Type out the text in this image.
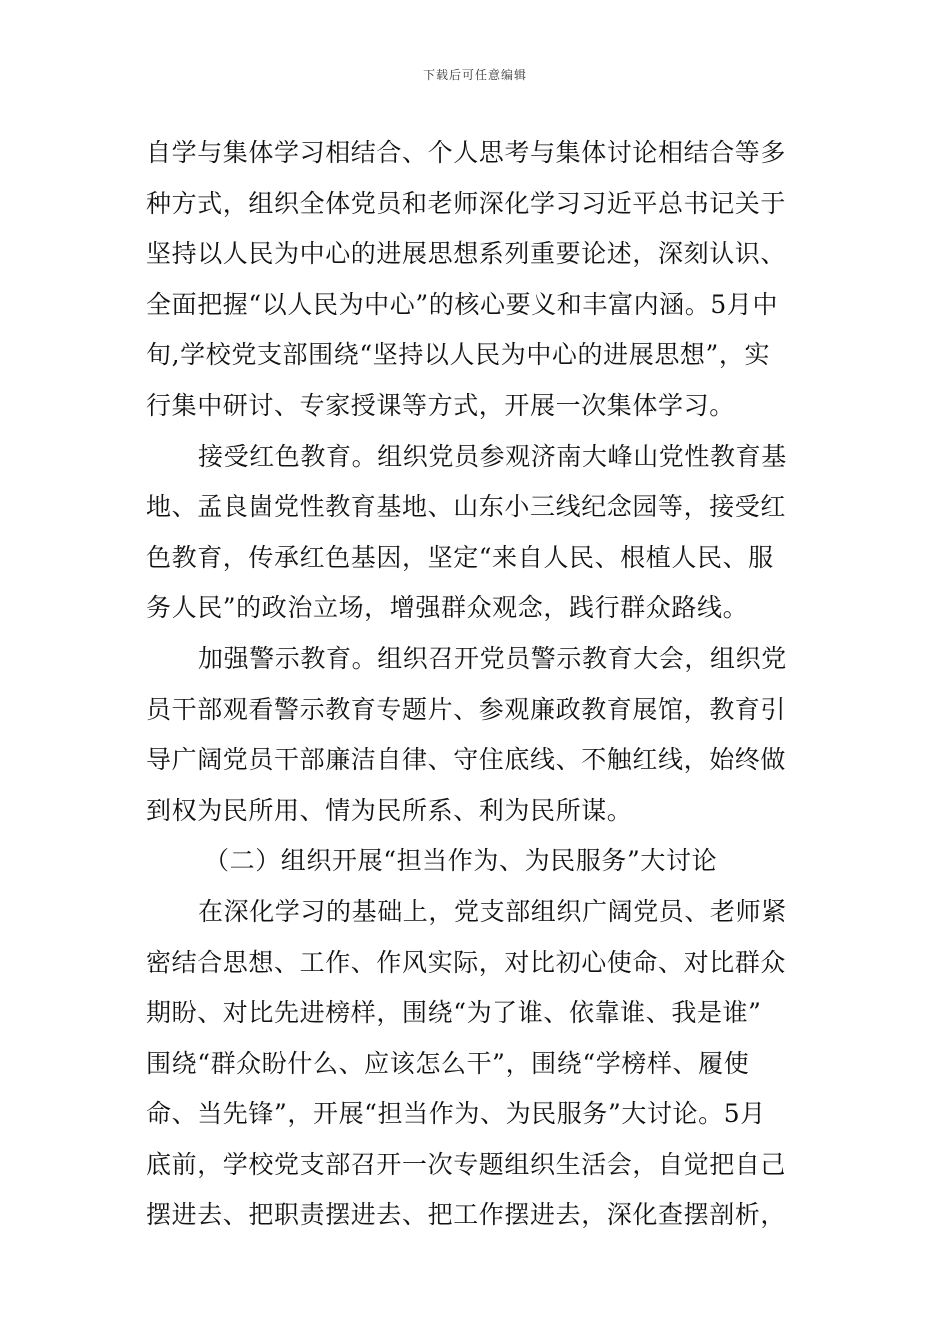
下载后可任意编辑
自学与集体学习相结合、个人思考与集体讨论相结合等多
种方式，组织全体党员和老师深化学习习近平总书记关于
坚持以人民为中心的进展思想系列重要论述，深刻认识、
全面把握“以人民为中心”的核心要义和丰富内涵。5月中
旬,学校党支部围绕“坚持以人民为中心的进展思想”，实
行集中研讨、专家授课等方式，开展一次集体学习。
接受红色教育。组织党员参观济南大峰山党性教育基
地、孟良崮党性教育基地、山东小三线纪念园等，接受红
色教育，传承红色基因，坚定“来自人民、根植人民、服
务人民”的政治立场，增强群众观念，践行群众路线。
加强警示教育。组织召开党员警示教育大会，组织党
员干部观看警示教育专题片、参观廉政教育展馆，教育引
导广阔党员干部廉洁自律、守住底线、不触红线，始终做
到权为民所用、情为民所系、利为民所谋。
（二）组织开展“担当作为、为民服务”大讨论
在深化学习的基础上，党支部组织广阔党员、老师紧
密结合思想、工作、作风实际，对比初心使命、对比群众
期盼、对比先进榜样，围绕“为了谁、依靠谁、我是谁”
围绕“群众盼什么、应该怎么干”，围绕“学榜样、履使
命、当先锋”，开展“担当作为、为民服务”大讨论。5月
底前，学校党支部召开一次专题组织生活会，自觉把自己
摆进去、把职责摆进去、把工作摆进去，深化查摆剖析，
